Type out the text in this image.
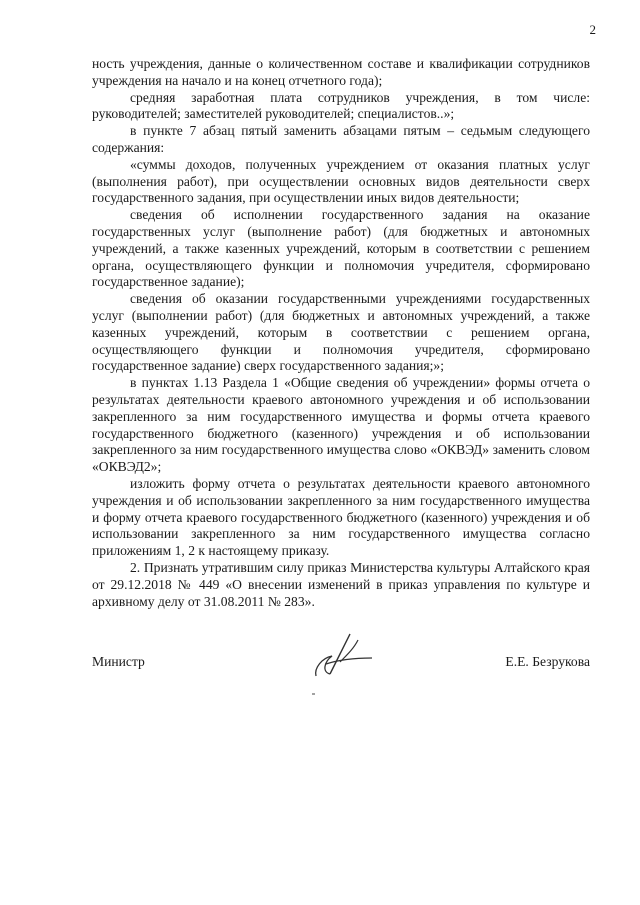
2

ность учреждения, данные о количественном составе и квалификации сотрудников учреждения на начало и на конец отчетного года);

средняя заработная плата сотрудников учреждения, в том числе: руководителей; заместителей руководителей; специалистов..»;

в пункте 7 абзац пятый заменить абзацами пятым – седьмым следующего содержания:

«суммы доходов, полученных учреждением от оказания платных услуг (выполнения работ), при осуществлении основных видов деятельности сверх государственного задания, при осуществлении иных видов деятельности;

сведения об исполнении государственного задания на оказание государственных услуг (выполнение работ) (для бюджетных и автономных учреждений, а также казенных учреждений, которым в соответствии с решением органа, осуществляющего функции и полномочия учредителя, сформировано государственное задание);

сведения об оказании государственными учреждениями государственных услуг (выполнении работ) (для бюджетных и автономных учреждений, а также казенных учреждений, которым в соответствии с решением органа, осуществляющего функции и полномочия учредителя, сформировано государственное задание) сверх государственного задания;»;

в пунктах 1.13 Раздела 1 «Общие сведения об учреждении» формы отчета о результатах деятельности краевого автономного учреждения и об использовании закрепленного за ним государственного имущества и формы отчета краевого государственного бюджетного (казенного) учреждения и об использовании закрепленного за ним государственного имущества слово «ОКВЭД» заменить словом «ОКВЭД2»;

изложить форму отчета о результатах деятельности краевого автономного учреждения и об использовании закрепленного за ним государственного имущества и форму отчета краевого государственного бюджетного (казенного) учреждения и об использовании закрепленного за ним государственного имущества согласно приложениям 1, 2 к настоящему приказу.

2. Признать утратившим силу приказ Министерства культуры Алтайского края от 29.12.2018 № 449 «О внесении изменений в приказ управления по культуре и архивному делу от 31.08.2011 № 283».

Министр	Е.Е. Безрукова
